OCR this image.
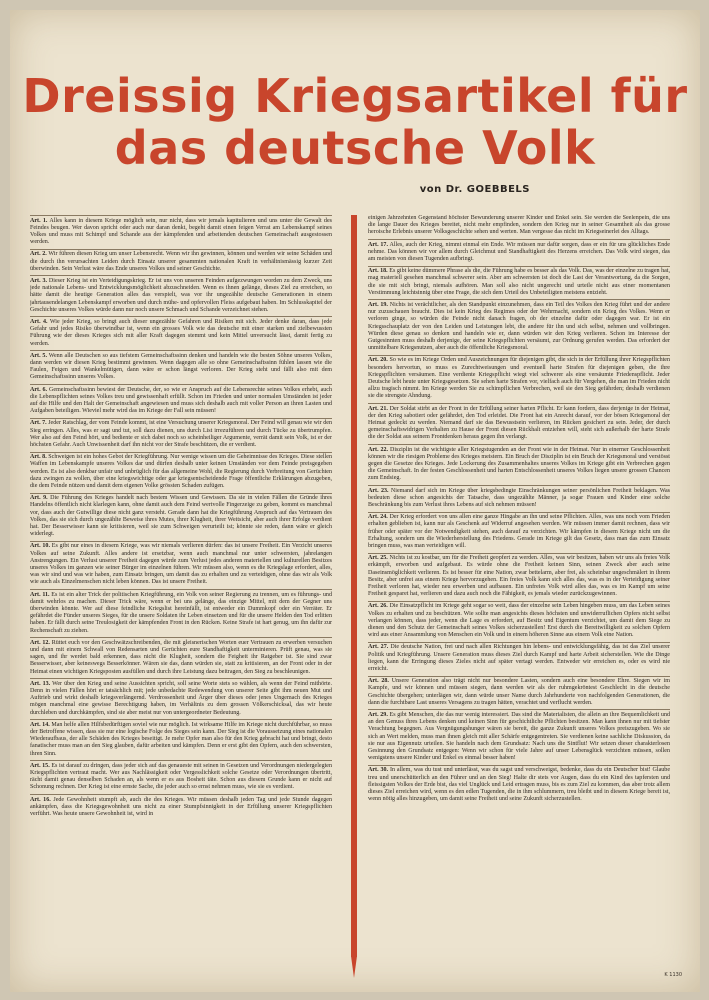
Dreissig Kriegsartikel für
das deutsche Volk
von Dr. GOEBBELS

Art. 1. Alles kann in diesem Kriege möglich sein, nur nicht, dass wir jemals kapitulieren und uns unter die Gewalt des Feindes beugen. Wer davon spricht oder auch nur daran denkt, begeht damit einen feigen Verrat am Lebenskampf seines Volkes und muss mit Schimpf und Schande aus der kämpfenden und arbeitenden deutschen Gemeinschaft ausgestossen werden.

Art. 2. Wir führen diesen Krieg um unser Lebensrecht. Wenn wir ihn gewinnen, können und werden wir seine Schäden und die durch ihn verursachten Leiden durch Einsatz unserer gesammten nationalen Kraft in verhältnismässig kurzer Zeit überwinden. Sein Verlust wäre das Ende unseres Volkes und seiner Geschichte.

Art. 3. Dieser Krieg ist ein Verteidigungskrieg. Er ist uns von unseren Feinden aufgezwungen worden zu dem Zweck, uns jede nationale Lebens- und Entwicklungsmöglichkeit abzuschneiden. Wenn es ihnen gelänge, dieses Ziel zu erreichen, so hätte damit die heutige Generation alles das verspielt, was vor ihr ungezählte deutsche Generationen in einem jahrtausendelangen Lebenskampf erworben und durch mühe- und opfervollen Fleiss aufgebaut haben. Im Schlusskapitel der Geschichte unseres Volkes würde dann nur noch unsere Schmach und Schande verzeichnet stehen.

Art. 4. Wie jeder Krieg, so bringt auch dieser ungezählte Gefahren und Risiken mit sich. Jeder denke daran, dass jede Gefahr und jedes Risiko überwindbar ist, wenn ein grosses Volk wie das deutsche mit einer starken und zielbewussten Führung wie der dieses Krieges sich mit aller Kraft dagegen stemmt und kein Mittel unversucht lässt, damit fertig zu werden.

Art. 5. Wenn alle Deutschen so aus tiefstem Gemeinschaftssinn denken und handeln wie die besten Söhne unseres Volkes, dann werden wir diesen Krieg bestimmt gewinnen. Wenn dagegen alle so ohne Gemeinschaftssinn fühlen lassen wie die Faulen, Feigen und Wankelmütigen, dann wäre er schon längst verloren. Der Krieg steht und fällt also mit dem Gemeinschaftssinn unseres Volkes.

Art. 6. Gemeinschaftssinn bewiest der Deutsche, der, so wie er Anspruch auf die Lebensrechte seines Volkes erhebt, auch die Lebenspflichten seines Volkes treu und gewissenhaft erfüllt. Schon im Frieden und unter normalen Umständen ist jeder auf die Hilfe und den Halt der Gemeinschaft angewiesen und muss sich deshalb auch mit voller Person an ihren Lasten und Aufgaben beteiligen. Wieviel mehr wird das im Kriege der Fall sein müssen!

Art. 7. Jeder Ratschlag, der vom Feinde kommt, ist eine Versuchung unserer Kriegsmoral. Der Feind will genau wie wir den Sieg erringen. Alles, was er sagt und tut, soll dazu dienen, uns durch List irrezuführen und durch Tücke zu übertrumpfen. Wer also auf den Feind hört, und bediente er sich dabei noch so scheinheiliger Argumente, verrät damit sein Volk, ist er der höchsten Gefahr. Auch Unwissenheit darf ihn nicht vor der Strafe beschützen, die er verdient.

Art. 8. Schweigen ist ein hohes Gebot der Kriegführung. Nur wenige wissen um die Geheimnisse des Krieges. Diese stellen Waffen im Lebenskampfe unseres Volkes dar und dürfen deshalb unter keinen Umständen vor dem Feinde preisgegeben werden. Es ist also denkbar unfair und unbrüglich für das allgemeine Wohl, die Regierung durch Verbreitung von Gerüchten dazu zwingen zu wollen, über eine kriegswichtige oder gar kriegsentscheidende Frage öffentliche Erklärungen abzugeben, die dem Feinde nützen und damit dem eigenen Volke grössten Schaden zufügen.

Art. 9. Die Führung des Krieges handelt nach bestem Wissen und Gewissen. Da sie in vielen Fällen die Gründe ihres Handelns öffentlich nicht klarlegen kann, ohne damit auch dem Feind wertvolle Fingerzeige zu geben, kommt es manchmal vor, dass auch der Gutwillige diese nicht ganz versteht. Gerade dann hat die Kriegführung Anspruch auf das Vertrauen des Volkes, das sie sich durch ungezählte Beweise ihres Mutes, ihrer Klugheit, ihrer Weitsicht, aber auch ihrer Erfolge verdient hat. Der Besserwisser kann sie kritisieren, weil sie zum Schweigen verurteilt ist; könnte sie reden, dann wäre er gleich widerlegt.

Art. 10. Es gibt nur eines in diesem Kriege, was wir niemals verlieren dürfen: das ist unsere Freiheit. Ein Verzicht unseres Volkes auf seine Zukunft. Alles andere ist ersetzbar, wenn auch manchmal nur unter schwersten, jahrelangen Anstrengungen. Ein Verlust unserer Freiheit dagegen würde zum Verlust jedes anderen materiellen und kulturellen Besitzes unseres Volkes im ganzen wie seiner Bürger im einzelnen führen. Wir müssen also, wenn es die Kriegslage erfordert, alles, was wir sind und was wir haben, zum Einsatz bringen, um damit das zu erhalten und zu verteidigen, ohne das wir als Volk wie auch als Einzelmenschen nicht leben können. Das ist unsere Freiheit.

Art. 11. Es ist ein alter Trick der politischen Kriegführung, ein Volk von seiner Regierung zu trennen, um es führungs- und damit wehrlos zu machen. Dieser Trick wäre, wenn er bei uns gelänge, das einzige Mittel, mit dem der Gegner uns überwinden könnte. Wer auf diese feindliche Kriegslist hereinfällt, ist entweder ein Dummkopf oder ein Verräter. Er gefährdet die Fünder unseres Sieges, für die unsere Soldaten ihr Leben einsetzen und für die unsere Helden den Tod erlitten haben. Er fällt durch seine Treulosigkeit der kämpfenden Front in den Rücken. Keine Strafe ist hart genug, um ihn dafür zur Rechenschaft zu ziehen.

Art. 12. Rüttet euch vor den Geschwätzschreibenden, die mit gleisnerischen Worten euer Vertrauen zu erwerben versuchen und dann mit einem Schwall von Redensarten und Gerüchten eure Standhaftigkeit unterminieren. Prüft genau, was sie sagen, und ihr werdet bald erkennen, dass nicht die Klugheit, sondern die Feigheit ihr Ratgeber ist. Sie sind zwar Besserwisser, aber keineswegs Besserkönner. Wären sie das, dann würden sie, statt zu kritisieren, an der Front oder in der Heimat einen wichtigen Kriegsposten ausfüllen und durch ihre Leistung dazu beitragen, den Sieg zu beschleunigen.

Art. 13. Wer über den Krieg und seine Aussichten spricht, soll seine Worte stets so wählen, als wenn der Feind mithörte. Denn in vielen Fällen hört er tatsächlich mit; jede unbedachte Redewendung von unserer Seite gibt ihm neuen Mut und Auftrieb und wirkt deshalb kriegsverlängernd. Verdrossenheit und Ärger über dieses oder jenes Ungemach des Krieges mögen manchmal eine gewisse Berechtigung haben, im Verhältnis zu dem grossen Völkerschicksal, das wir heute durchleben und durchkämpfen, sind sie aber meist nur von untergeordneter Bedeutung.

Art. 14. Man helfe allen Hilfsbedürftigen soviel wie nur möglich. Ist wirksame Hilfe im Kriege nicht durchführbar, so muss der Betroffene wissen, dass sie nur eine logische Folge des Sieges sein kann. Der Sieg ist die Voraussetzung eines nationalen Wiederaufbaus, der alle Schäden des Krieges beseitigt. Je mehr Opfer man also für den Krieg gebracht hat und bringt, desto fanatischer muss man an den Sieg glauben, dafür arbeiten und kämpfen. Denn er erst gibt den Opfern, auch den schwersten, ihren Sinn.

Art. 15. Es ist darauf zu dringen, dass jeder sich auf das genaueste mit seinen in Gesetzen und Verordnungen niedergelegten Kriegspflichten vertraut macht. Wer aus Nachlässigkeit oder Vergesslichkeit solche Gesetze oder Verordnungen übertritt, rächt damit genau denselben Schaden an, als wenn er es aus Bosheit täte. Schon aus diesem Grunde kann er nicht auf Schonung rechnen. Der Krieg ist eine ernste Sache, die jeder auch so ernst nehmen muss, wie sie es verdient.

Art. 16. Jede Gewohnheit stumpft ab, auch die des Krieges. Wir müssen deshalb jeden Tag und jede Stunde dagegen ankämpfen, dass die Kriegsgewohnheit uns nicht zu einer Stumpfsinnigkeit in der Erfüllung unserer Kriegspflichten verführt. Was heute unsere Gewohnheit ist, wird in

einigen Jahrzehnten Gegenstand höchster Bewunderung unserer Kinder und Enkel sein. Sie werden die Seelenpein, die uns die lange Dauer des Krieges bereitet, nicht mehr empfinden, sondern den Krieg nur in seiner Gesamtheit als das grosse heroische Erlebnis unserer Volksgeschichte sehen und werten. Man vergesse das nicht im Kriegseinerlei des Alltags.

Art. 17. Alles, auch der Krieg, nimmt einmal ein Ende. Wir müssen nur dafür sorgen, dass er ein für uns glückliches Ende nehme. Das können wir vor allem durch Gleichmut und Standhaftigkeit des Herzens erreichen. Das Volk wird siegen, das am meisten von diesen Tugenden aufbringt.

Art. 18. Es gibt keine dümmere Phrase als die, die Führung habe es besser als das Volk. Das, was der einzelne zu tragen hat, mag materiell gesehen manchmal schwerer sein. Aber am schwersten ist doch die Last der Verantwortung, da die Sorgen, die sie mit sich bringt, niemals aufhören. Man soll also nicht ungerecht und urteile nicht aus einer momentanen Verstimmung leichtsinnig über eine Frage, die sich dem Urteil des Unbeteiligten meistens entzieht.

Art. 19. Nichts ist verächtlicher, als den Standpunkt einzunehmen, dass ein Teil des Volkes den Krieg führt und der andere nur zuzuschauen braucht. Dies ist kein Krieg des Regimes oder der Wehrmacht, sondern ein Krieg des Volkes. Wenn er verloren ginge, so würden die Feinde nicht danach fragen, ob der einzelne dafür oder dagegen war. Er ist ein Kriegsschauplatz der von den Leiden und Leistungen lebt, die andere für ihn und sich selbst, nehmen und vollbringen. Würden diese genau so denken und handeln wie er, dann würden wir den Krieg verlieren. Schon im Interesse der Gutgesinnten muss deshalb derjenige, der seine Kriegspflichten versäumt, zur Ordnung gerufen werden. Das erfordert der unmittelbare Kriegsnutzen, aber auch die öffentliche Kriegsmoral.

Art. 20. So wie es im Kriege Orden und Auszeichnungen für diejenigen gibt, die sich in der Erfüllung ihrer Kriegspflichten besonders hervortun, so muss es Zurechtweisungen und eventuell harte Strafen für diejenigen geben, die ihre Kriegspflichten versäumen. Eine verdiente Kriegspflicht wiegt viel schwerer als eine versäumte Friedenspflicht. Jeder Deutsche lebt heute unter Kriegsgesetzen. Sie sehen harte Strafen vor, vielfach auch für Vergehen, die man im Frieden nicht allzu tragisch nimmt. Im Kriege werden Sie zu schimpflichen Verbrechen, weil sie den Sieg gefährden; deshalb verdienen sie die strengste Ahndung.

Art. 21. Der Soldat stirbt an der Front in der Erfüllung seiner harten Pflicht. Er kann fordern, dass derjenige in der Heimat, der den Krieg sabotiert oder gefährdet, den Tod erleidet. Die Front hat ein Anrecht darauf, vor der bösen Kriegsmoral der Heimat gedeckt zu werden. Niemand darf sie das Bewusstsein verlieren, im Rücken gesichert zu sein. Jeder, der durch gemeinschaftswidrigen Verhalten zu Hause der Front diesen Rückhalt entziehen will, steht sich außerhalb der harte Strafe die der Soldat aus seinem Frontdenken heraus gegen ihn verlangt.

Art. 22. Disziplin ist die wichtigste aller Kriegstugenden an der Front wie in der Heimat. Nur in einerner Geschlossenheit können wir die riesigen Probleme des Krieges meistern. Ein Bruch der Disziplin ist ein Bruch der Kriegsmoral und verstösst gegen die Gesetze des Krieges. Jede Lockerung des Zusammenhaltes unseres Volkes im Kriege gibt ein Verbrechen gegen die Gemeinschaft. In der festen Geschlossenheit und harten Entschlossenheit unseres Volkes liegen unsere grossen Chancen zum Endsieg.

Art. 23. Niemand darf sich im Kriege über kriegsbedingte Einschränkungen seiner persönlichen Freiheit beklagen. Was bedeuten diese schon angesichts der Tatsache, dass ungezählte Männer, ja sogar Frauen und Kinder eine solche Beschränkung bis zum Verlust ihres Lebens auf sich nehmen müssen!

Art. 24. Der Krieg erfordert von uns allen eine ganze Hingabe an ihn und seine Pflichten. Alles, was uns noch vom Frieden erhalten geblieben ist, kann nur als Geschenk auf Widerruf angesehen werden. Wir müssen immer damit rechnen, dass wir früher oder später vor der Notwendigkeit stehen, auch darauf zu verzichten. Wir kämpfen in diesem Kriege nicht um die Erhaltung, sondern um die Wiederherstellung des Friedens. Gerade im Kriege gilt das Gesetz, dass man das zum Einsatz bringen muss, was man verteidigen will.

Art. 25. Nichts ist zu kostbar, um für die Freiheit geopfert zu werden. Alles, was wir besitzen, haben wir uns als freies Volk erkämpft, erworben und aufgebaut. Es würde ohne die Freiheit keinen Sinn, seinen Zweck aber auch seine Daseinsmöglichkeit verlieren. Es ist besser für eine Nation, zwar bettelarm, aber frei, als scheinbar ungeschmälert in ihrem Besitz, aber unfrei aus einem Kriege hervorzugehen. Ein freies Volk kann sich alles das, was es in der Verteidigung seiner Freiheit verloren hat, wieder neu erwerben und aufbauen. Ein unfreies Volk wird alles das, was es im Kampf um seine Freiheit gesparet hat, verlieren und dazu auch noch die Fähigkeit, es jemals wieder zurückzugewinnen.

Art. 26. Die Einsatzpflicht im Kriege geht sogar so weit, dass der einzelne sein Leben hingeben muss, um das Leben seines Volkes zu erhalten und zu beschützen. Wie sollte man angesichts dieses höchsten und unwiderruflichen Opfers nicht selbst verlangen können, dass jeder, wenn die Lage es erfordert, auf Besitz und Eigentum verzichtet, um damit dem Siege zu dienen und den Schutz der Gemeinschaft seines Volkes sicherzustellen! Erst durch die Bereitwilligkeit zu solchen Opfern wird aus einer Ansammlung von Menschen ein Volk und in einem höheren Sinne aus einem Volk eine Nation.

Art. 27. Die deutsche Nation, frei und nach allen Richtungen hin lebens- und entwicklungsfähig, das ist das Ziel unserer Politik und Kriegführung. Unsere Generation muss dieses Ziel durch Kampf und harte Arbeit sicherstellen. Wie die Dinge liegen, kann die Erringung dieses Zieles nicht auf später vertagt werden. Entweder wir erreichen es, oder es wird nie erreicht.

Art. 28. Unsere Generation also trägt nicht nur besondere Lasten, sondern auch eine besondere Ehre. Siegen wir im Kampfe, und wir können und müssen siegen, dann werden wir als der ruhmgekröntest Geschlecht in die deutsche Geschichte übergehen; unterlägen wir, dann würde unser Name durch Jahrhunderte von nachfolgenden Generationen, die dann die furchtbare Last unseres Versagens zu tragen hätten, verachtet und verflucht werden.

Art. 29. Es gibt Menschen, die das nur wenig interessiert. Das sind die Materialisten, die allein an ihre Bequemlichkeit und an den Genuss ihres Lebens denken und keinen Sinn für geschichtliche Pflichten besitzen. Man kann ihnen nur mit tiefster Verachtung begegnen. Aus Vergnügungshunger wären sie bereit, die ganze Zukunft unseres Volkes preiszugeben. Wo sie sich an Wert melden, muss man ihnen gleich mit aller Schärfe entgegentreten. Sie verdienen keine sachliche Diskussion, da sie nur aus Eigennutz urteilen. Sie handeln nach dem Grundsatz: Nach uns die Sintflut! Wir setzen dieser charakterlosen Gesinnung den Grundsatz entgegen: Wenn wir schon für viele Jahre auf unser Lebensglück verzichten müssen, sollen wenigstens unsere Kinder und Enkel es einmal besser haben!

Art. 30. In allem, was du tust und unterlässt, was du sagst und verschweigst, bedenke, dass du ein Deutscher bist! Glaube treu und unerschütterlich an den Führer und an den Sieg! Halte dir stets vor Augen, dass du ein Kind des tapfersten und fleissigsten Volkes der Erde bist, das viel Unglück und Leid ertragen muss, bis es zum Ziel zu kommen, das aber trotz allem dieses Ziel erreichen wird, wenn es den edlen Tugenden, die in ihm schlummern, treu bleibt und in diesem Kriege bereit ist, wenn nötig alles hinzugeben, um damit seine Freiheit und seine Zukunft sicherzustellen.

K 1130
